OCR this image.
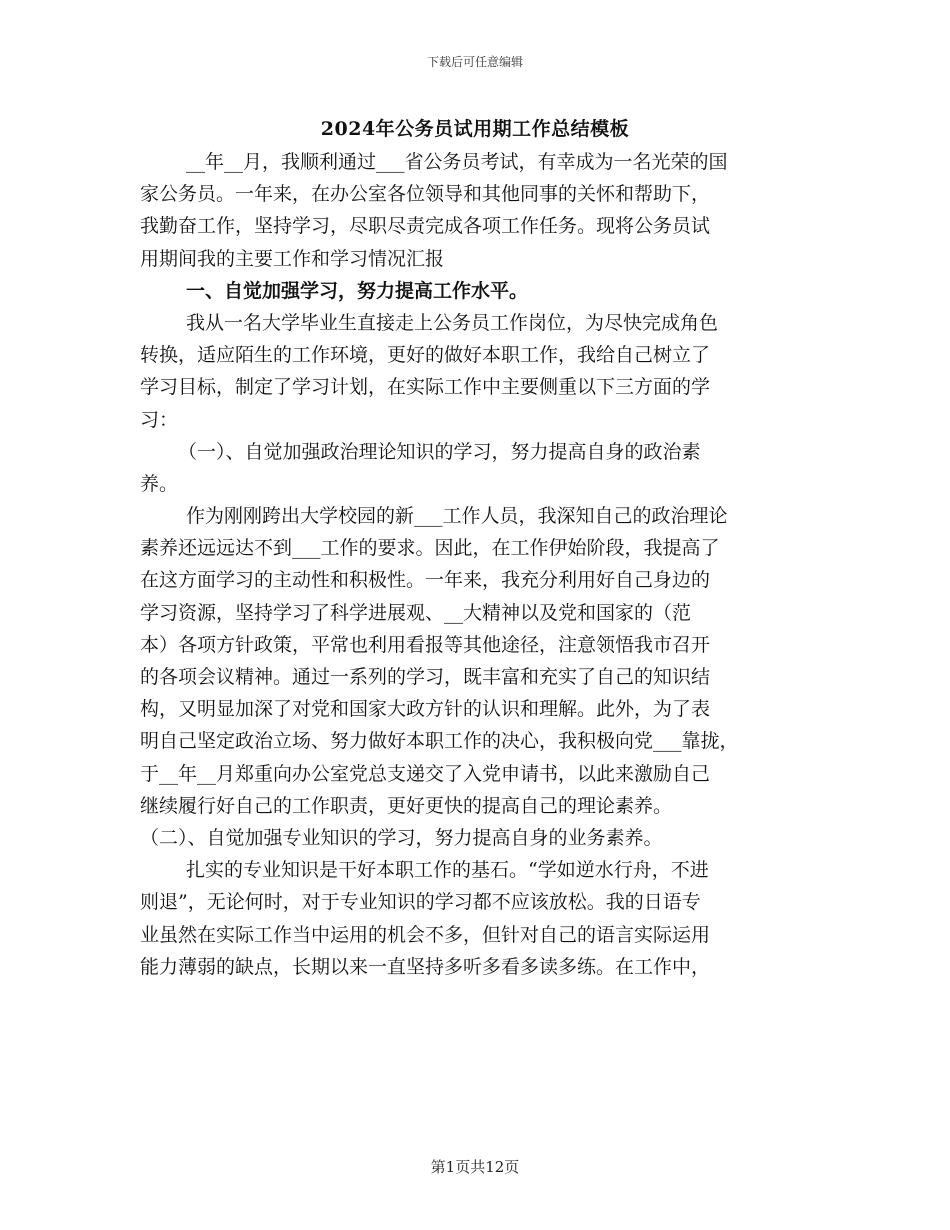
下载后可任意编辑
2024年公务员试用期工作总结模板
__年__月，我顺利通过___省公务员考试，有幸成为一名光荣的国
家公务员。一年来，在办公室各位领导和其他同事的关怀和帮助下，
我勤奋工作，坚持学习，尽职尽责完成各项工作任务。现将公务员试
用期间我的主要工作和学习情况汇报
一、自觉加强学习，努力提高工作水平。
我从一名大学毕业生直接走上公务员工作岗位，为尽快完成角色
转换，适应陌生的工作环境，更好的做好本职工作，我给自己树立了
学习目标，制定了学习计划，在实际工作中主要侧重以下三方面的学
习：
（一）、自觉加强政治理论知识的学习，努力提高自身的政治素
养。
作为刚刚跨出大学校园的新___工作人员，我深知自己的政治理论
素养还远远达不到___工作的要求。因此，在工作伊始阶段，我提高了
在这方面学习的主动性和积极性。一年来，我充分利用好自己身边的
学习资源，坚持学习了科学进展观、__大精神以及党和国家的（范
本）各项方针政策，平常也利用看报等其他途径，注意领悟我市召开
的各项会议精神。通过一系列的学习，既丰富和充实了自己的知识结
构，又明显加深了对党和国家大政方针的认识和理解。此外，为了表
明自己坚定政治立场、努力做好本职工作的决心，我积极向党___靠拢，
于__年__月郑重向办公室党总支递交了入党申请书，以此来激励自己
继续履行好自己的工作职责，更好更快的提高自己的理论素养。
（二）、自觉加强专业知识的学习，努力提高自身的业务素养。
扎实的专业知识是干好本职工作的基石。“学如逆水行舟，不进
则退”，无论何时，对于专业知识的学习都不应该放松。我的日语专
业虽然在实际工作当中运用的机会不多，但针对自己的语言实际运用
能力薄弱的缺点，长期以来一直坚持多听多看多读多练。在工作中，
第1页共12页
